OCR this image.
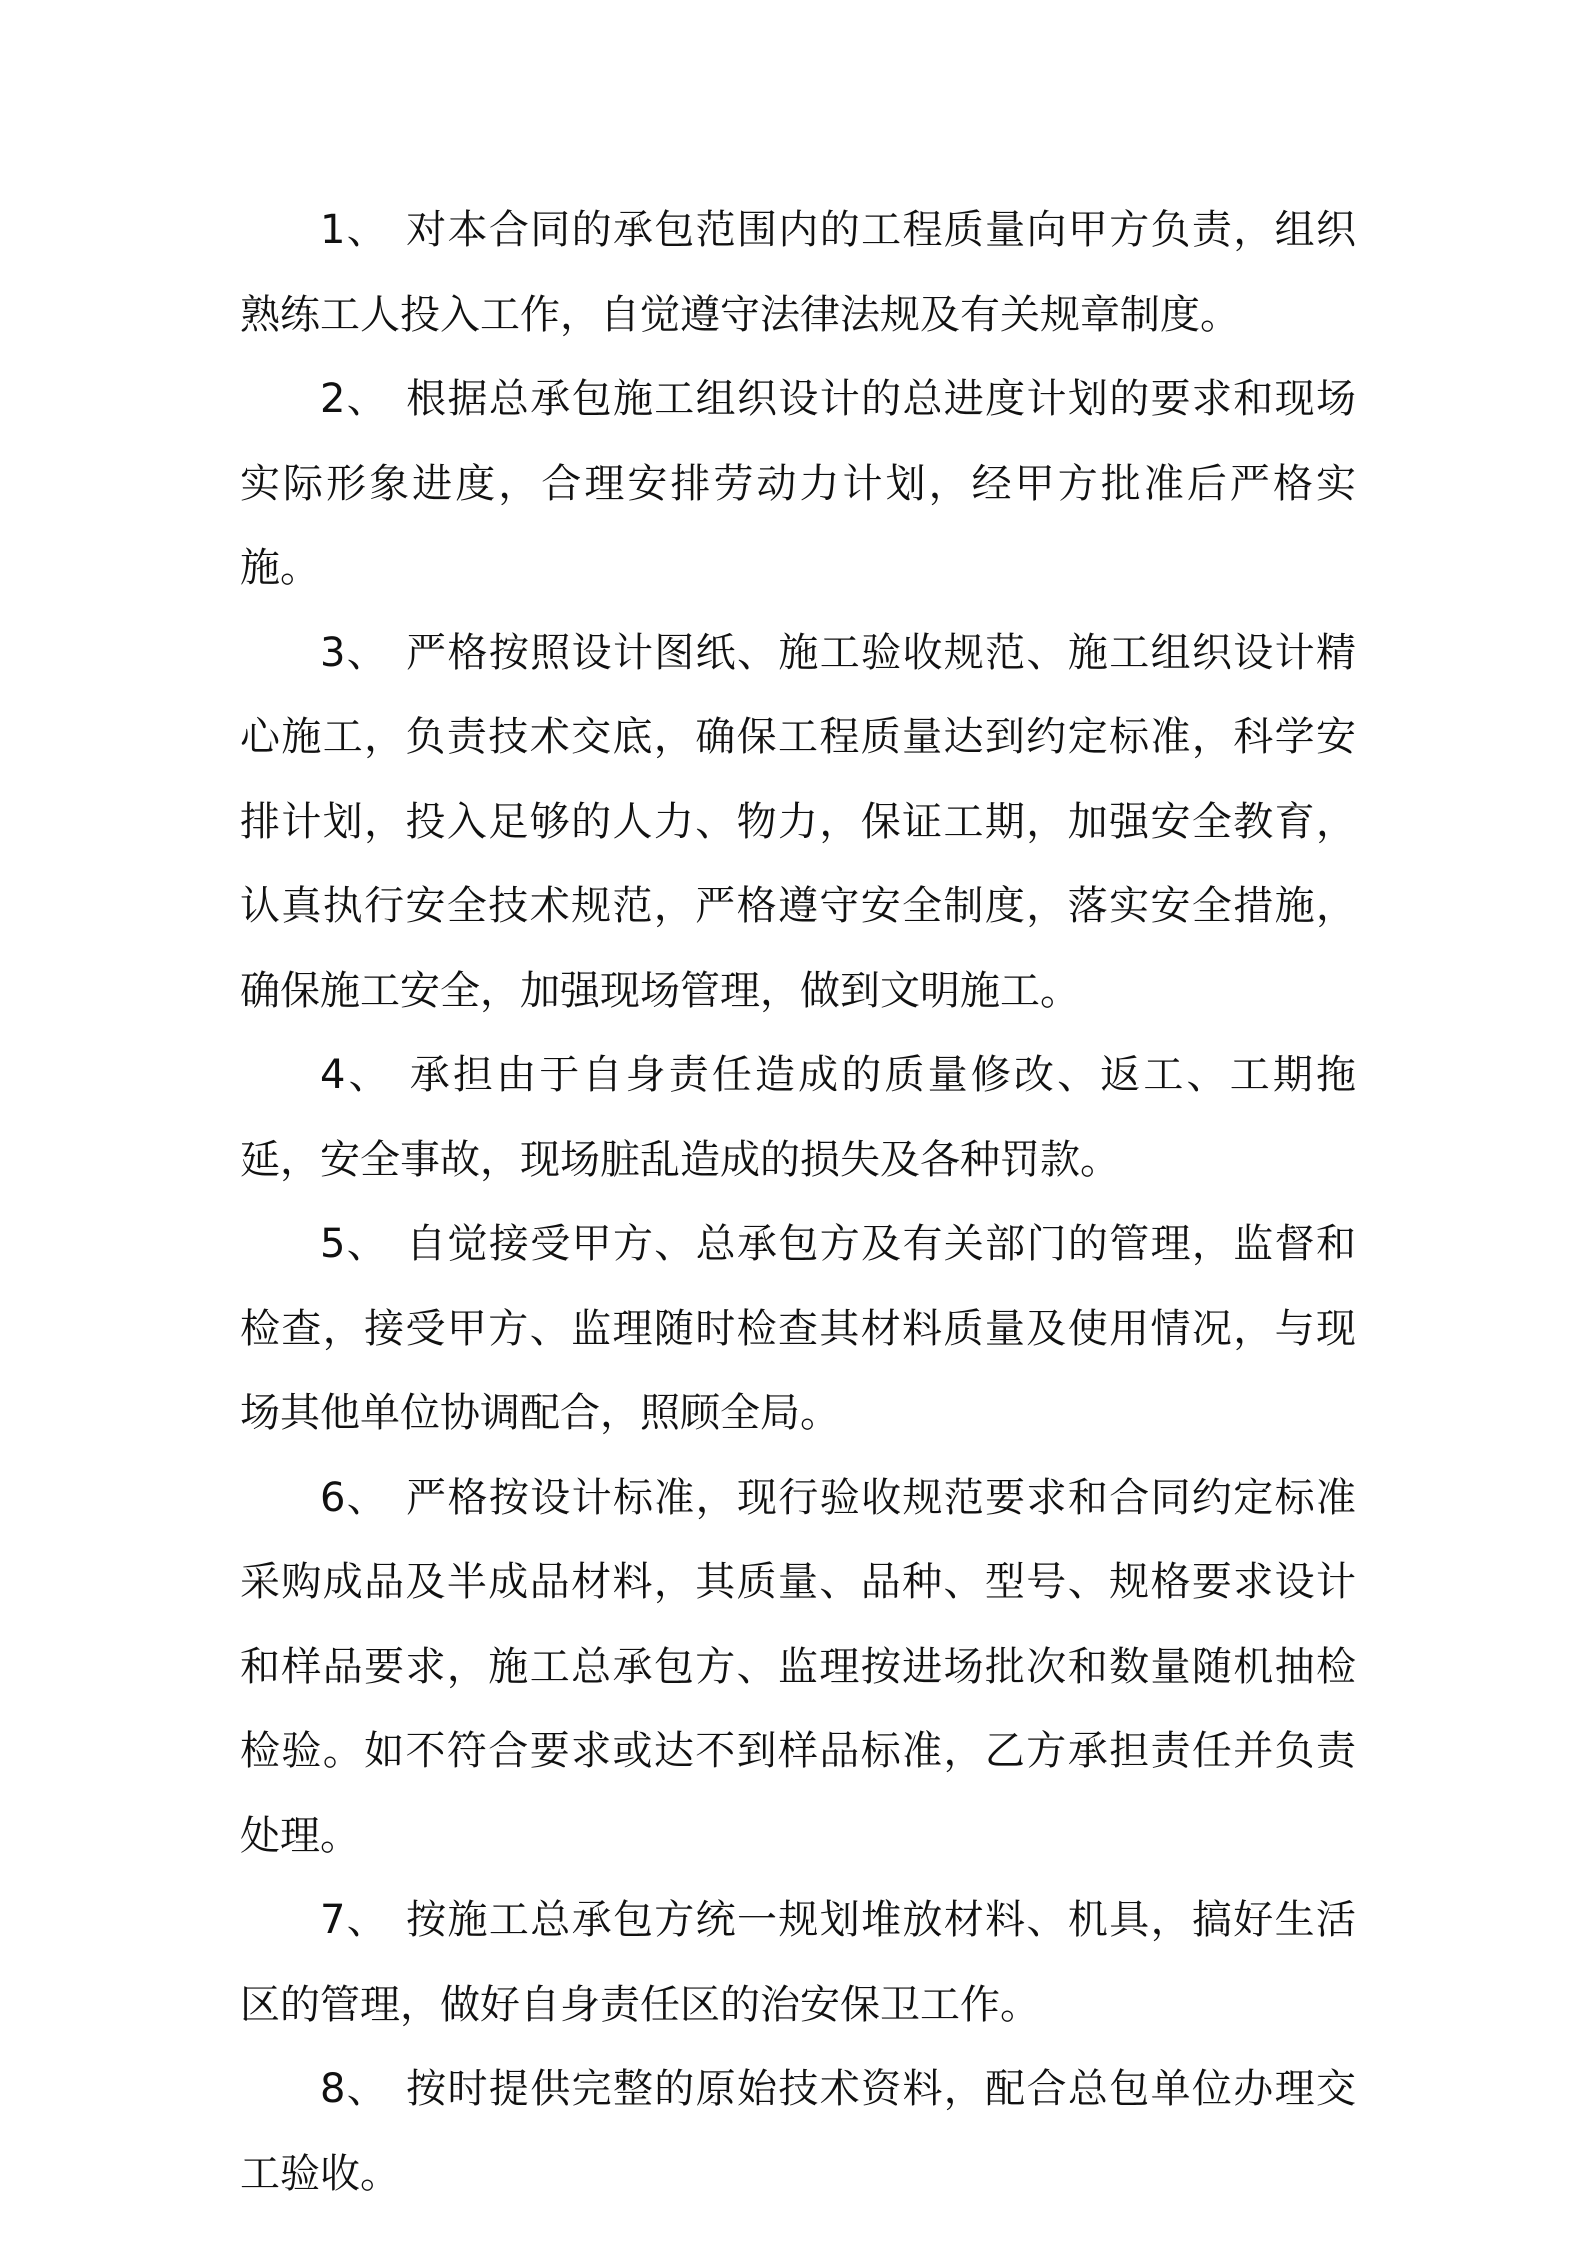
1、 对本合同的承包范围内的工程质量向甲方负责，组织熟练工人投入工作，自觉遵守法律法规及有关规章制度。

2、 根据总承包施工组织设计的总进度计划的要求和现场实际形象进度，合理安排劳动力计划，经甲方批准后严格实施。

3、 严格按照设计图纸、施工验收规范、施工组织设计精心施工，负责技术交底，确保工程质量达到约定标准，科学安排计划，投入足够的人力、物力，保证工期，加强安全教育，认真执行安全技术规范，严格遵守安全制度，落实安全措施，确保施工安全，加强现场管理，做到文明施工。

4、 承担由于自身责任造成的质量修改、返工、工期拖延，安全事故，现场脏乱造成的损失及各种罚款。

5、 自觉接受甲方、总承包方及有关部门的管理，监督和检查，接受甲方、监理随时检查其材料质量及使用情况，与现场其他单位协调配合，照顾全局。

6、 严格按设计标准，现行验收规范要求和合同约定标准采购成品及半成品材料，其质量、品种、型号、规格要求设计和样品要求，施工总承包方、监理按进场批次和数量随机抽检检验。如不符合要求或达不到样品标准，乙方承担责任并负责处理。

7、 按施工总承包方统一规划堆放材料、机具，搞好生活区的管理，做好自身责任区的治安保卫工作。

8、 按时提供完整的原始技术资料，配合总包单位办理交工验收。
